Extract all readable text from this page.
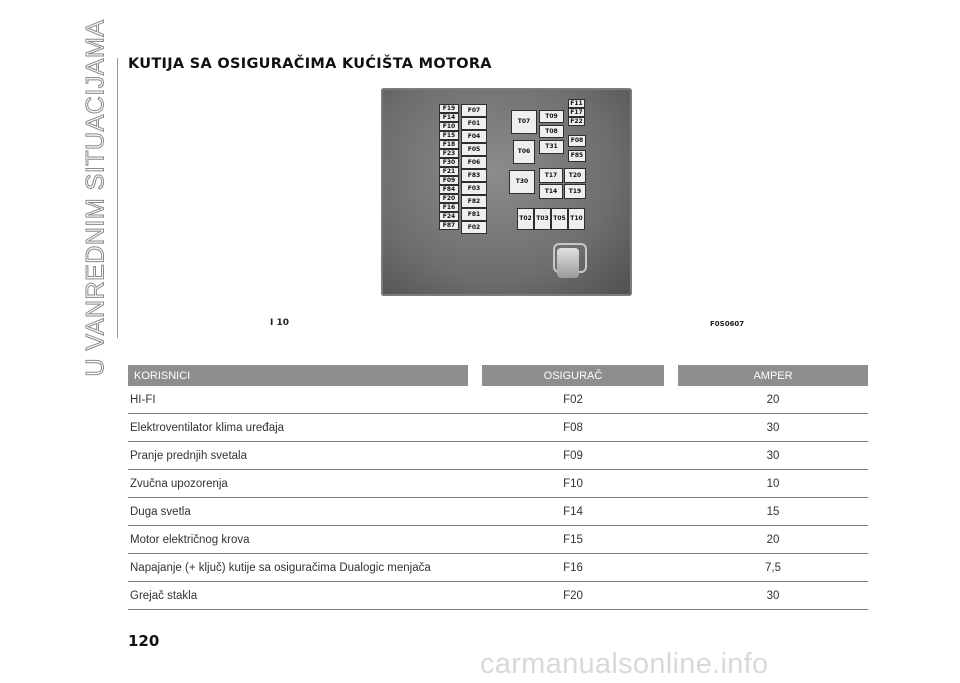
U VANREDNIM SITUACIJAMA KUTIJA SA OSIGURAČIMA KUĆIŠTA MOTORA
F19
F14
F10
F15
F18
F23
F30
F21
F09
F84
F20
F16
F24
F87
F07
F01
F04
F05
F06
F83
F03
F82
F81
F02
T07
T09
T08
T31
T06
F11
F17
F22
F08
F85
T30
T17	T20
T14	T19
T02 T03 T05 T10
I 10	F0S0607
KORISNICI	OSIGURAČ	AMPER
HI-FI	F02	20
Elektroventilator klima uređaja	F08	30
Pranje prednjih svetala	F09	30
Zvučna upozorenja	F10	10
Duga svetla	F14	15
Motor električnog krova	F15	20
Napajanje (+ ključ) kutije sa osiguračima Dualogic menjača	F16	7,5
Grejač stakla	F20	30
120
carmanualsonline.info
